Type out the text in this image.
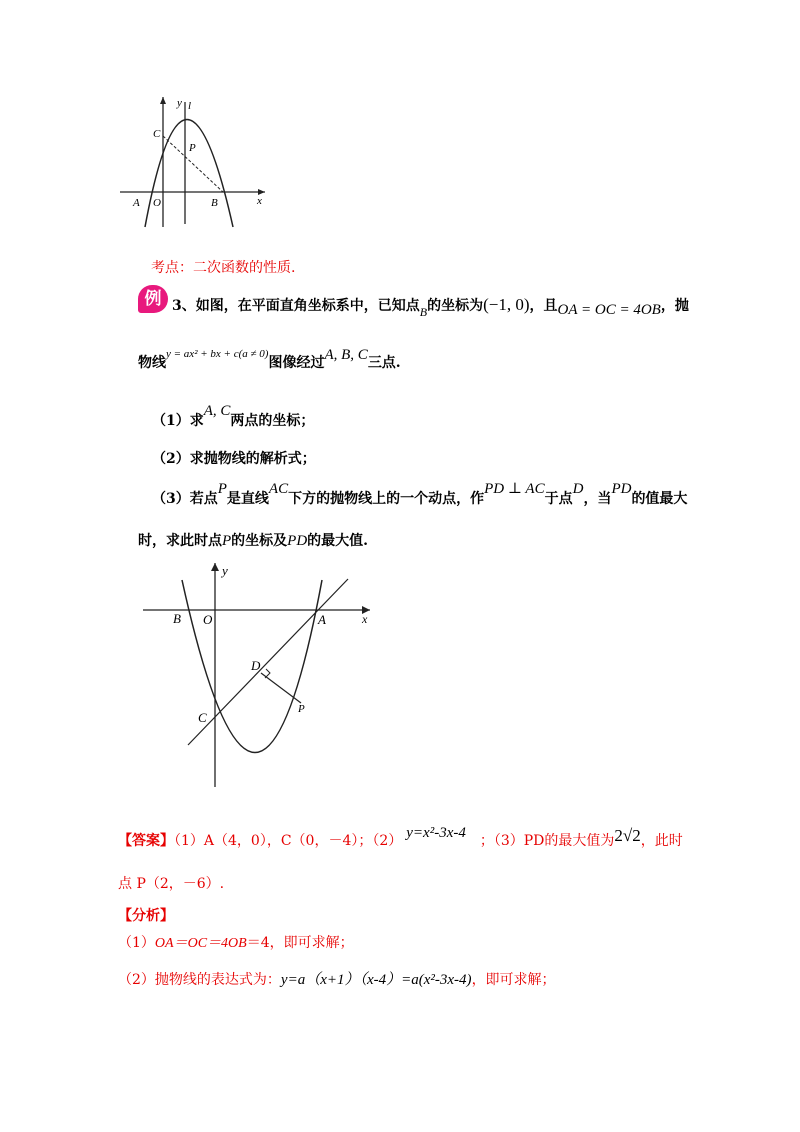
y l
C
P
A O	B	x
考点：二次函数的性质.
例 3、如图，在平面直角坐标系中，已知点B的坐标为(−1, 0)，且OA = OC = 4OB，抛
物线$^{y = ax^2 + bx + c(a \ne 0)}$图像经过A, B, C三点.
（1）求A, C两点的坐标；
（2）求抛物线的解析式；
（3）若点P是直线AC下方的抛物线上的一个动点，作PD ⊥ AC于点D，当PD的值最大
时，求此时点P的坐标及PD的最大值.
y
B O	A	x
D
C
P
【答案】（1）A（4，0），C（0，－4）；（2） y=x²-3x-4 ；（3）PD的最大值为2√2，此时
点 P（2，－6）.
【分析】
（1）OA＝OC＝4OB＝4，即可求解；
（2）抛物线的表达式为：y=a（x+1）（x-4）=a(x²-3x-4)，即可求解；
